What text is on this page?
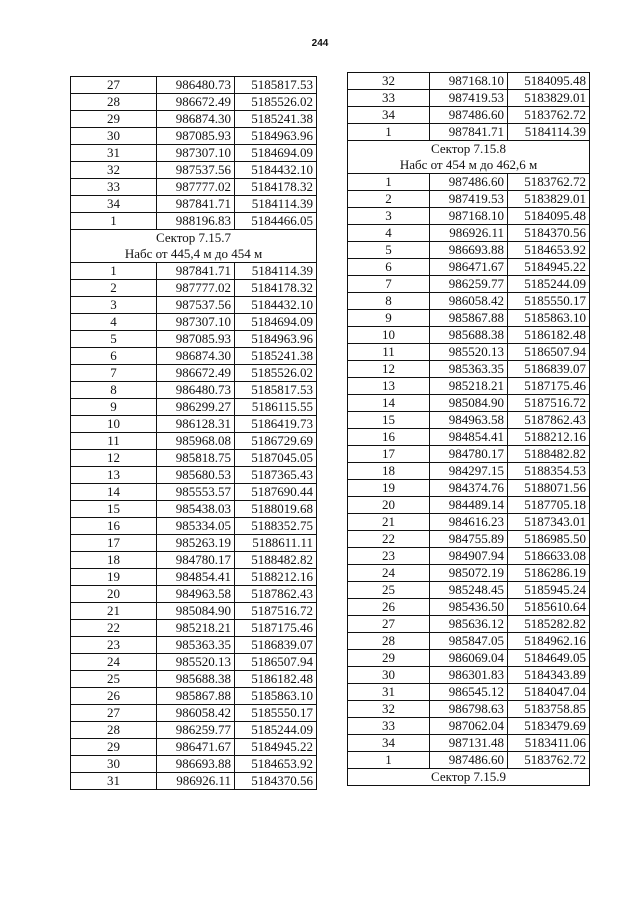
244
27	986480.73	5185817.53
28	986672.49	5185526.02
29	986874.30	5185241.38
30	987085.93	5184963.96
31	987307.10	5184694.09
32	987537.56	5184432.10
33	987777.02	5184178.32
34	987841.71	5184114.39
1	988196.83	5184466.05
Сектор 7.15.7		
Набс от 445,4 м до 454 м		
1	987841.71	5184114.39
2	987777.02	5184178.32
3	987537.56	5184432.10
4	987307.10	5184694.09
5	987085.93	5184963.96
6	986874.30	5185241.38
7	986672.49	5185526.02
8	986480.73	5185817.53
9	986299.27	5186115.55
10	986128.31	5186419.73
11	985968.08	5186729.69
12	985818.75	5187045.05
13	985680.53	5187365.43
14	985553.57	5187690.44
15	985438.03	5188019.68
16	985334.05	5188352.75
17	985263.19	5188611.11
18	984780.17	5188482.82
19	984854.41	5188212.16
20	984963.58	5187862.43
21	985084.90	5187516.72
22	985218.21	5187175.46
23	985363.35	5186839.07
24	985520.13	5186507.94
25	985688.38	5186182.48
26	985867.88	5185863.10
27	986058.42	5185550.17
28	986259.77	5185244.09
29	986471.67	5184945.22
30	986693.88	5184653.92
31	986926.11	5184370.56
32	987168.10	5184095.48
33	987419.53	5183829.01
34	987486.60	5183762.72
1	987841.71	5184114.39
Сектор 7.15.8		
Набс от 454 м до 462,6 м		
1	987486.60	5183762.72
2	987419.53	5183829.01
3	987168.10	5184095.48
4	986926.11	5184370.56
5	986693.88	5184653.92
6	986471.67	5184945.22
7	986259.77	5185244.09
8	986058.42	5185550.17
9	985867.88	5185863.10
10	985688.38	5186182.48
11	985520.13	5186507.94
12	985363.35	5186839.07
13	985218.21	5187175.46
14	985084.90	5187516.72
15	984963.58	5187862.43
16	984854.41	5188212.16
17	984780.17	5188482.82
18	984297.15	5188354.53
19	984374.76	5188071.56
20	984489.14	5187705.18
21	984616.23	5187343.01
22	984755.89	5186985.50
23	984907.94	5186633.08
24	985072.19	5186286.19
25	985248.45	5185945.24
26	985436.50	5185610.64
27	985636.12	5185282.82
28	985847.05	5184962.16
29	986069.04	5184649.05
30	986301.83	5184343.89
31	986545.12	5184047.04
32	986798.63	5183758.85
33	987062.04	5183479.69
34	987131.48	5183411.06
1	987486.60	5183762.72
Сектор 7.15.9		
